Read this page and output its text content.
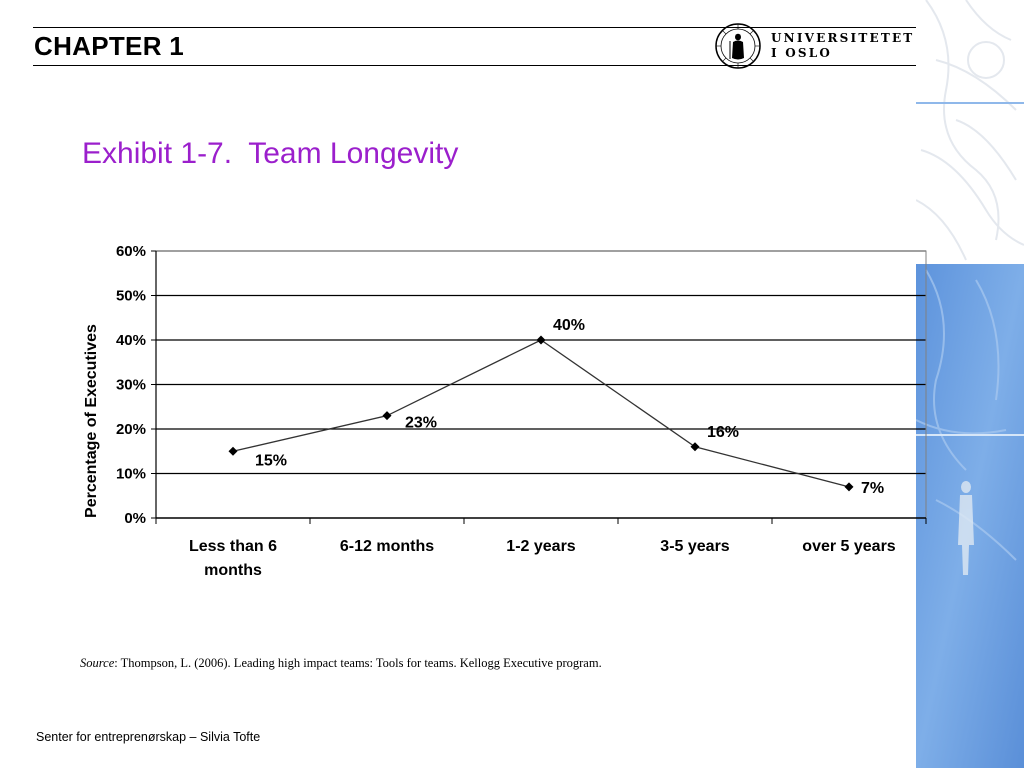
CHAPTER 1	UNIVERSITETET
I OSLO
Exhibit 1-7.  Team Longevity
0%
10%
20%
30%
40%
50%
60%
Less than 6 months
6-12 months	1-2 years	3-5 years	over 5 years
15%
23%
40%
16%
7%
Percentage of Executives
Source: Thompson, L. (2006). Leading high impact teams: Tools for teams. Kellogg Executive program.
Senter for entreprenørskap – Silvia Tofte
